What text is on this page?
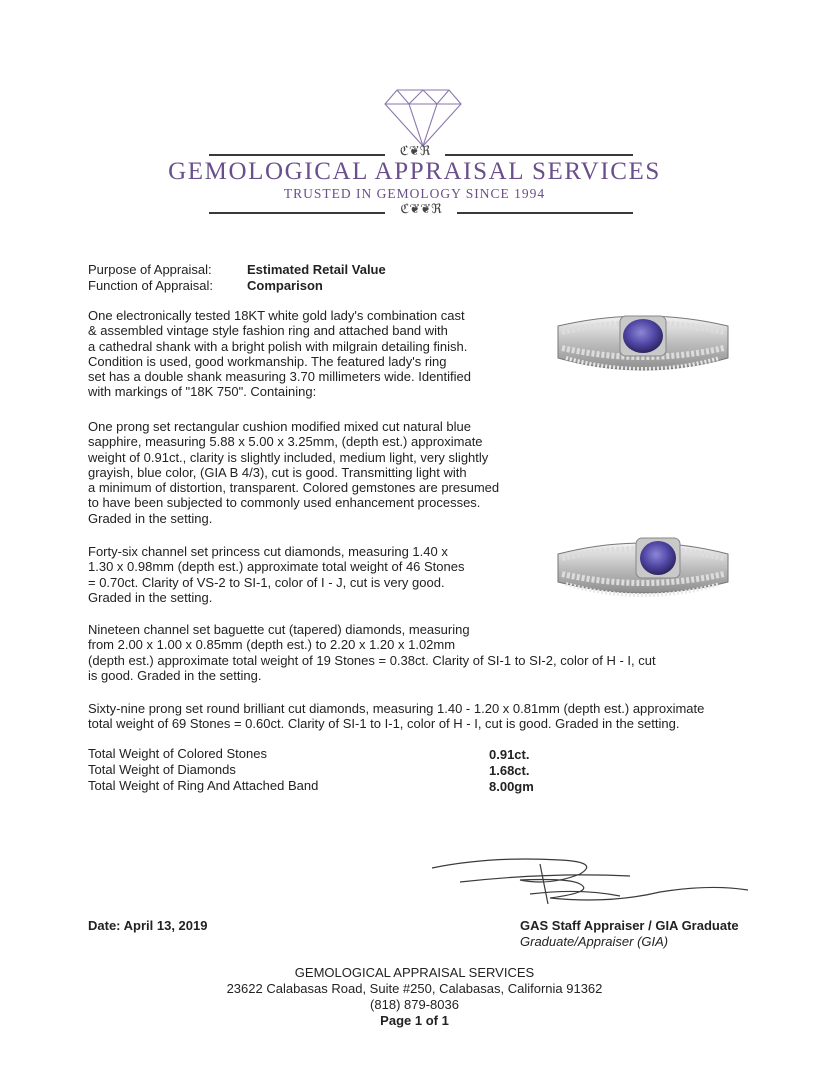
ℭ❦ℜ
GEMOLOGICAL APPRAISAL SERVICES
TRUSTED IN GEMOLOGY SINCE 1994
ℭ❦❦ℜ
Purpose of Appraisal:	Estimated Retail Value
Function of Appraisal:	Comparison
One electronically tested 18KT white gold lady's combination cast
& assembled vintage style fashion ring and attached band with
a cathedral shank with a bright polish with milgrain detailing finish.
Condition is used, good workmanship. The featured lady's ring
set has a double shank measuring 3.70 millimeters wide. Identified
with markings of "18K 750". Containing:
One prong set rectangular cushion modified mixed cut natural blue
sapphire, measuring 5.88 x 5.00 x 3.25mm, (depth est.) approximate
weight of 0.91ct., clarity is slightly included, medium light, very slightly
grayish, blue color, (GIA B 4/3), cut is good. Transmitting light with
a minimum of distortion, transparent. Colored gemstones are presumed
to have been subjected to commonly used enhancement processes.
Graded in the setting.
Forty-six channel set princess cut diamonds, measuring 1.40 x
1.30 x 0.98mm (depth est.) approximate total weight of 46 Stones
= 0.70ct. Clarity of VS-2 to SI-1, color of I - J, cut is very good.
Graded in the setting.
Nineteen channel set baguette cut (tapered) diamonds, measuring
from 2.00 x 1.00 x 0.85mm (depth est.) to 2.20 x 1.20 x 1.02mm
(depth est.) approximate total weight of 19 Stones = 0.38ct. Clarity of SI-1 to SI-2, color of H - I, cut
is good. Graded in the setting.
Sixty-nine prong set round brilliant cut diamonds, measuring 1.40 - 1.20 x 0.81mm (depth est.) approximate
total weight of 69 Stones = 0.60ct. Clarity of SI-1 to I-1, color of H - I, cut is good. Graded in the setting.
Total Weight of Colored Stones	0.91ct.
Total Weight of Diamonds	1.68ct.
Total Weight of Ring And Attached Band	8.00gm
Date: April 13, 2019	GAS Staff Appraiser / GIA Graduate
Graduate/Appraiser (GIA)
GEMOLOGICAL APPRAISAL SERVICES
23622 Calabasas Road, Suite #250, Calabasas, California 91362
(818) 879-8036
Page 1 of 1
